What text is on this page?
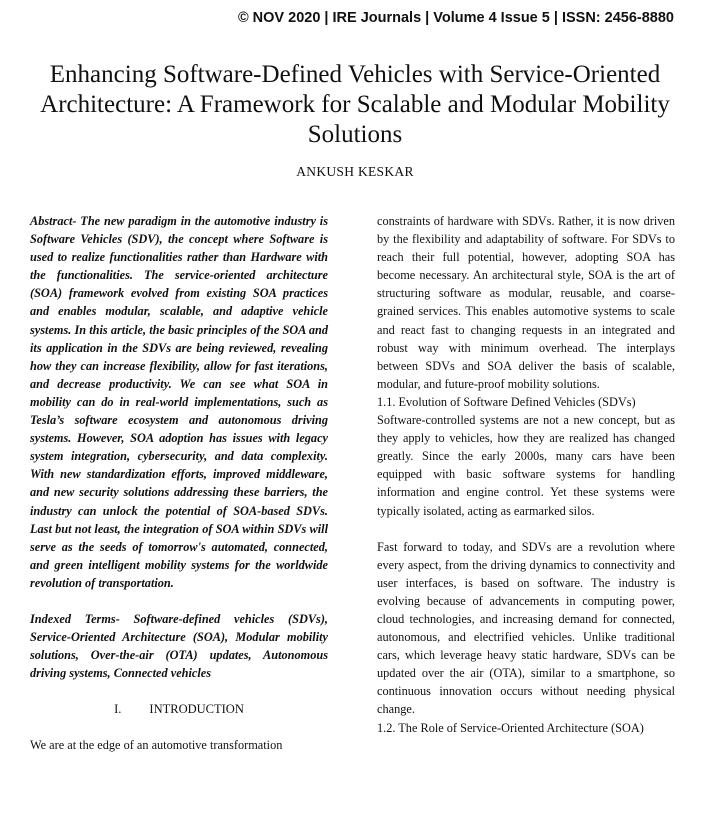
© NOV 2020 | IRE Journals | Volume 4 Issue 5 | ISSN: 2456-8880
Enhancing Software-Defined Vehicles with Service-Oriented Architecture: A Framework for Scalable and Modular Mobility Solutions
ANKUSH KESKAR

Abstract- The new paradigm in the automotive industry is Software Vehicles (SDV), the concept where Software is used to realize functionalities rather than Hardware with the functionalities. The service-oriented architecture (SOA) framework evolved from existing SOA practices and enables modular, scalable, and adaptive vehicle systems. In this article, the basic principles of the SOA and its application in the SDVs are being reviewed, revealing how they can increase flexibility, allow for fast iterations, and decrease productivity. We can see what SOA in mobility can do in real-world implementations, such as Tesla’s software ecosystem and autonomous driving systems. However, SOA adoption has issues with legacy system integration, cybersecurity, and data complexity. With new standardization efforts, improved middleware, and new security solutions addressing these barriers, the industry can unlock the potential of SOA-based SDVs. Last but not least, the integration of SOA within SDVs will serve as the seeds of tomorrow's automated, connected, and green intelligent mobility systems for the worldwide revolution of transportation.

Indexed Terms- Software-defined vehicles (SDVs), Service-Oriented Architecture (SOA), Modular mobility solutions, Over-the-air (OTA) updates, Autonomous driving systems, Connected vehicles

I. INTRODUCTION

We are at the edge of an automotive transformation

constraints of hardware with SDVs. Rather, it is now driven by the flexibility and adaptability of software. For SDVs to reach their full potential, however, adopting SOA has become necessary. An architectural style, SOA is the art of structuring software as modular, reusable, and coarse-grained services. This enables automotive systems to scale and react fast to changing requests in an integrated and robust way with minimum overhead. The interplays between SDVs and SOA deliver the basis of scalable, modular, and future-proof mobility solutions.

1.1. Evolution of Software Defined Vehicles (SDVs)

Software-controlled systems are not a new concept, but as they apply to vehicles, how they are realized has changed greatly. Since the early 2000s, many cars have been equipped with basic software systems for handling information and engine control. Yet these systems were typically isolated, acting as earmarked silos.

Fast forward to today, and SDVs are a revolution where every aspect, from the driving dynamics to connectivity and user interfaces, is based on software. The industry is evolving because of advancements in computing power, cloud technologies, and increasing demand for connected, autonomous, and electrified vehicles. Unlike traditional cars, which leverage heavy static hardware, SDVs can be updated over the air (OTA), similar to a smartphone, so continuous innovation occurs without needing physical change.

1.2. The Role of Service-Oriented Architecture (SOA)
